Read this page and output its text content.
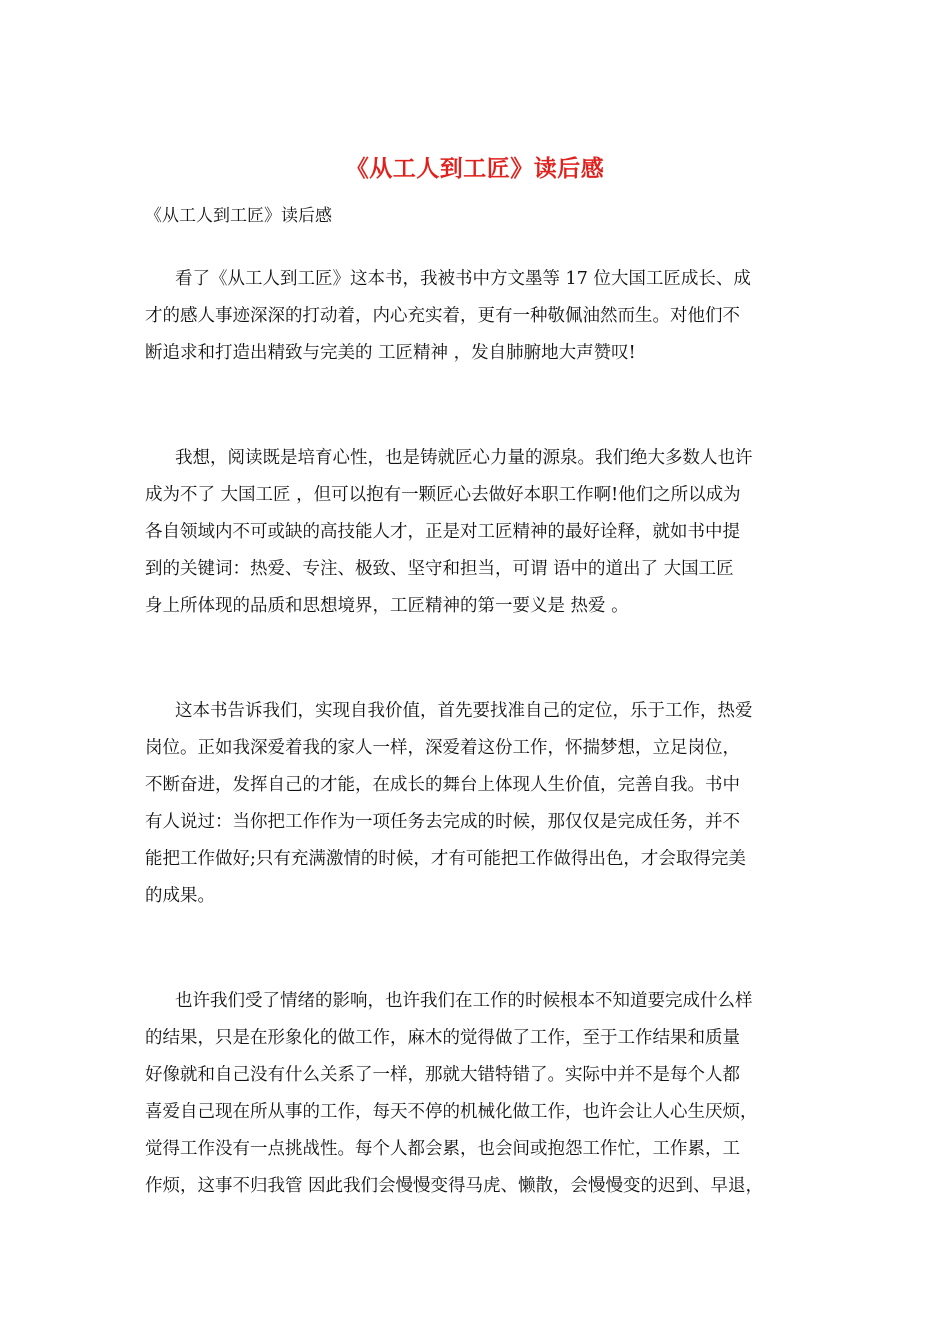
《从工人到工匠》读后感
《从工人到工匠》读后感
看了《从工人到工匠》这本书，我被书中方文墨等 17 位大国工匠成长、成
才的感人事迹深深的打动着，内心充实着，更有一种敬佩油然而生。对他们不
断追求和打造出精致与完美的 工匠精神 ，发自肺腑地大声赞叹!
我想，阅读既是培育心性，也是铸就匠心力量的源泉。我们绝大多数人也许
成为不了 大国工匠 ，但可以抱有一颗匠心去做好本职工作啊!他们之所以成为
各自领域内不可或缺的高技能人才，正是对工匠精神的最好诠释，就如书中提
到的关键词：热爱、专注、极致、坚守和担当，可谓 语中的道出了 大国工匠
身上所体现的品质和思想境界，工匠精神的第一要义是 热爱 。
这本书告诉我们，实现自我价值，首先要找准自己的定位，乐于工作，热爱
岗位。正如我深爱着我的家人一样，深爱着这份工作，怀揣梦想，立足岗位，
不断奋进，发挥自己的才能，在成长的舞台上体现人生价值，完善自我。书中
有人说过：当你把工作作为一项任务去完成的时候，那仅仅是完成任务，并不
能把工作做好;只有充满激情的时候，才有可能把工作做得出色，才会取得完美
的成果。
也许我们受了情绪的影响，也许我们在工作的时候根本不知道要完成什么样
的结果，只是在形象化的做工作，麻木的觉得做了工作，至于工作结果和质量
好像就和自己没有什么关系了一样，那就大错特错了。实际中并不是每个人都
喜爱自己现在所从事的工作，每天不停的机械化做工作，也许会让人心生厌烦，
觉得工作没有一点挑战性。每个人都会累，也会间或抱怨工作忙，工作累，工
作烦，这事不归我管 因此我们会慢慢变得马虎、懒散，会慢慢变的迟到、早退，
